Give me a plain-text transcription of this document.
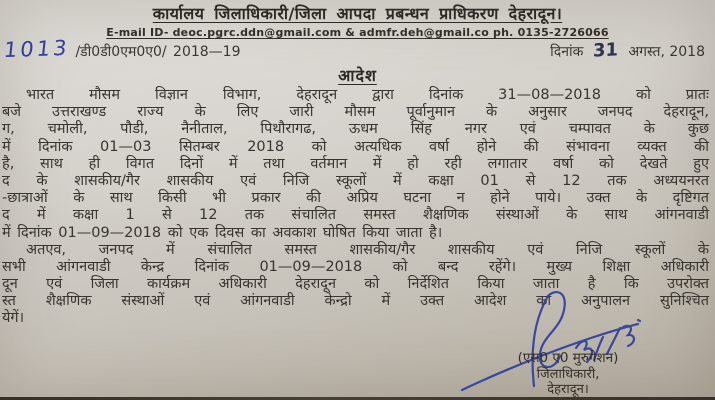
कार्यालय जिलाधिकारी/जिला आपदा प्रबन्धन प्राधिकरण देहरादून।
E-mail ID- deoc.pgrc.ddn@gmail.com & admfr.deh@gmail.co ph. 0135-2726066
1013 /डी0डी0एम0ए0/ 2018—19	दिनांक 31 अगस्त, 2018
आदेश
भारत मौसम विज्ञान विभाग, देहरादून द्वारा दिनांक 31—08—2018 को प्रातः
बजे उत्तराखण्ड राज्य के लिए जारी मौसम पूर्वानुमान के अनुसार जनपद देहरादून,
ग, चमोली, पौडी, नैनीताल, पिथौरागढ, ऊधम सिंह नगर एवं चम्पावत के कुछ
में दिनांक 01—03 सितम्बर 2018 को अत्यधिक वर्षा होने की संभावना व्यक्त की
है, साथ ही विगत दिनों में तथा वर्तमान में हो रही लगातार वर्षा को देखते हुए
द के शासकीय/गैर शासकीय एवं निजि स्कूलों में कक्षा 01 से 12 तक अध्ययनरत
-छात्राओं के साथ किसी भी प्रकार की अप्रिय घटना न होने पाये। उक्त के दृष्टिगत
द में कक्षा 1 से 12 तक संचालित समस्त शैक्षणिक संस्थाओं के साथ आंगनवाडी
में दिनांक 01—09—2018 को एक दिवस का अवकाश घोषित किया जाता है।
अतएव, जनपद में संचालित समस्त शासकीय/गैर शासकीय एवं निजि स्कूलों के
सभी आंगनवाडी केन्द्र दिनांक 01—09—2018 को बन्द रहेंगे। मुख्य शिक्षा अधिकारी
दून एवं जिला कार्यक्रम अधिकारी देहरादून को निर्देशित किया जाता है कि उपरोक्त
स्त शैक्षणिक संस्थाओं एवं आंगनवाडी केन्द्रो में उक्त आदेश का अनुपालन सुनिश्चित
येगें।
(एस0 ए0 मुरुगेशन)
जिलाधिकारी,
देहरादून।
